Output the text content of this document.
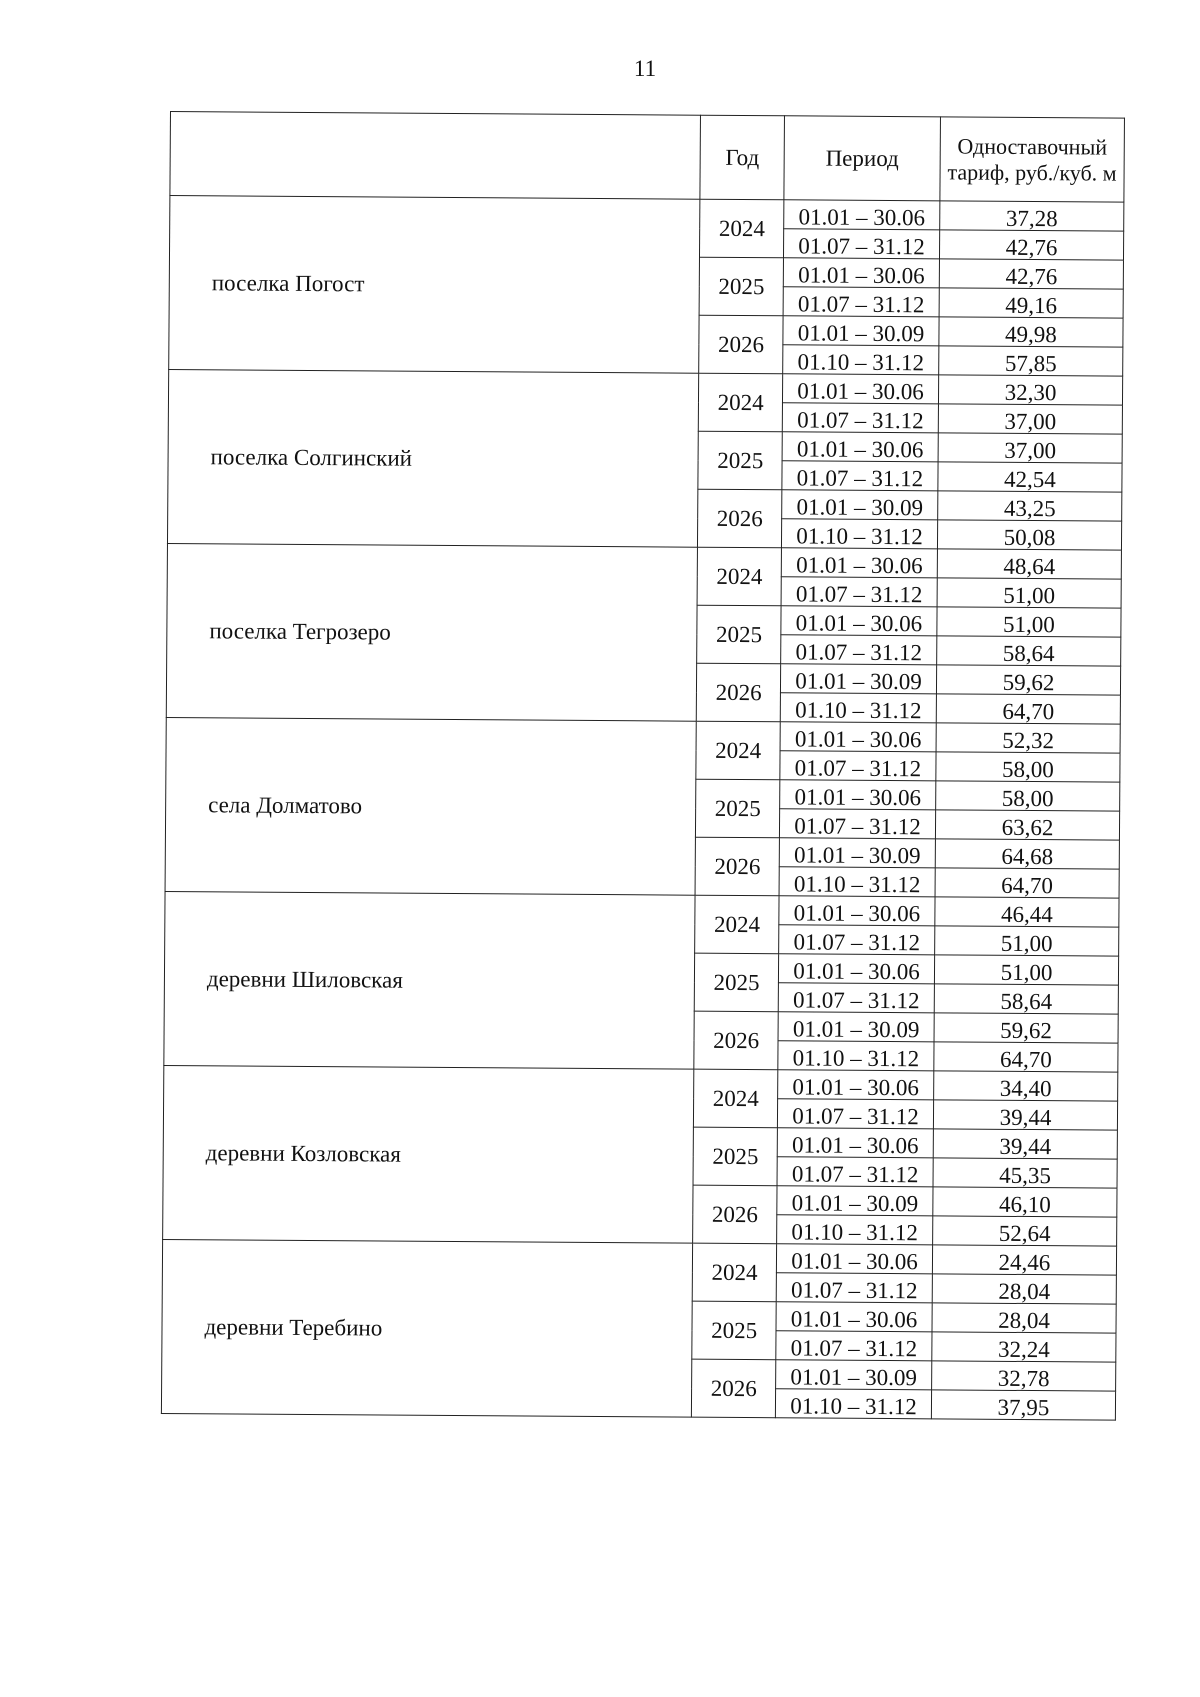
11
	Год	Период	Одноставочный тариф, руб./куб. м
поселка Погост	2024	01.01 – 30.06	37,28
		01.07 – 31.12	42,76
	2025	01.01 – 30.06	42,76
		01.07 – 31.12	49,16
	2026	01.01 – 30.09	49,98
		01.10 – 31.12	57,85
поселка Солгинский	2024	01.01 – 30.06	32,30
		01.07 – 31.12	37,00
	2025	01.01 – 30.06	37,00
		01.07 – 31.12	42,54
	2026	01.01 – 30.09	43,25
		01.10 – 31.12	50,08
поселка Тегрозеро	2024	01.01 – 30.06	48,64
		01.07 – 31.12	51,00
	2025	01.01 – 30.06	51,00
		01.07 – 31.12	58,64
	2026	01.01 – 30.09	59,62
		01.10 – 31.12	64,70
села Долматово	2024	01.01 – 30.06	52,32
		01.07 – 31.12	58,00
	2025	01.01 – 30.06	58,00
		01.07 – 31.12	63,62
	2026	01.01 – 30.09	64,68
		01.10 – 31.12	64,70
деревни Шиловская	2024	01.01 – 30.06	46,44
		01.07 – 31.12	51,00
	2025	01.01 – 30.06	51,00
		01.07 – 31.12	58,64
	2026	01.01 – 30.09	59,62
		01.10 – 31.12	64,70
деревни Козловская	2024	01.01 – 30.06	34,40
		01.07 – 31.12	39,44
	2025	01.01 – 30.06	39,44
		01.07 – 31.12	45,35
	2026	01.01 – 30.09	46,10
		01.10 – 31.12	52,64
деревни Теребино	2024	01.01 – 30.06	24,46
		01.07 – 31.12	28,04
	2025	01.01 – 30.06	28,04
		01.07 – 31.12	32,24
	2026	01.01 – 30.09	32,78
		01.10 – 31.12	37,95
